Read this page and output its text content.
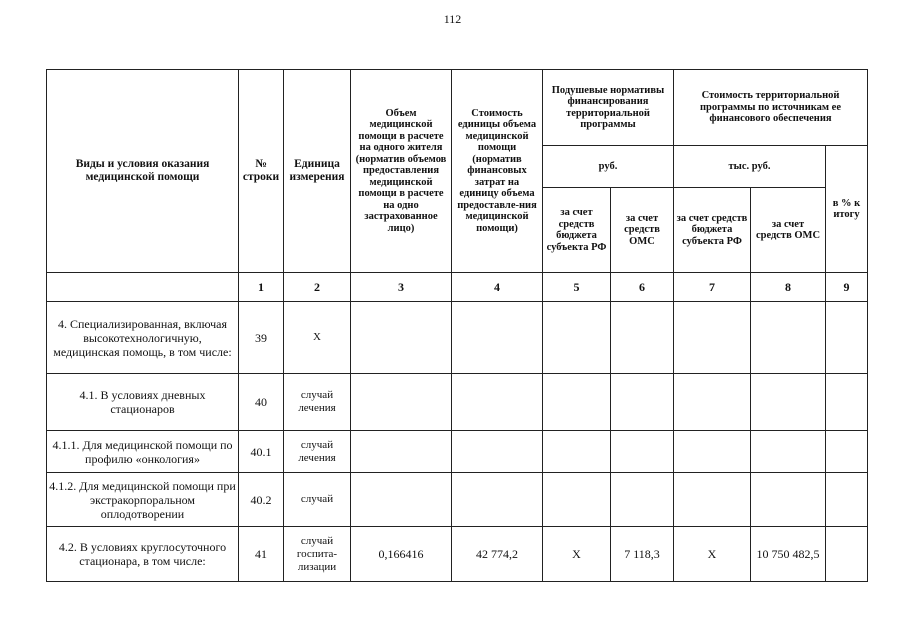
112
Виды и условия оказания медицинской помощи	№ строки	Единица измерения	Объем медицинской помощи в расчете на одного жителя (норматив объемов предоставления медицинской помощи в расчете на одно застрахованное лицо)	Стоимость единицы объема медицинской помощи (норматив финансовых затрат на единицу объема предоставле-ния медицинской помощи)	Подушевые нормативы финансирования территориальной программы		Стоимость территориальной программы по источникам ее финансового обеспечения		
					руб.		тыс. руб.		в % к итогу
					за счет средств бюджета субъекта РФ	за счет средств ОМС	за счет средств бюджета субъекта РФ	за счет средств ОМС	
	1	2	3	4	5	6	7	8	9
4. Специализированная, включая высокотехнологичную, медицинская помощь, в том числе:	39	X							
4.1. В условиях дневных стационаров	40	случай лечения							
4.1.1. Для медицинской помощи по профилю «онкология»	40.1	случай лечения							
4.1.2. Для медицинской помощи при экстракорпоральном оплодотворении	40.2	случай							
4.2. В условиях круглосуточного стационара, в том числе:	41	случай госпита-лизации	0,166416	42 774,2	X	7 118,3	X	10 750 482,5	
